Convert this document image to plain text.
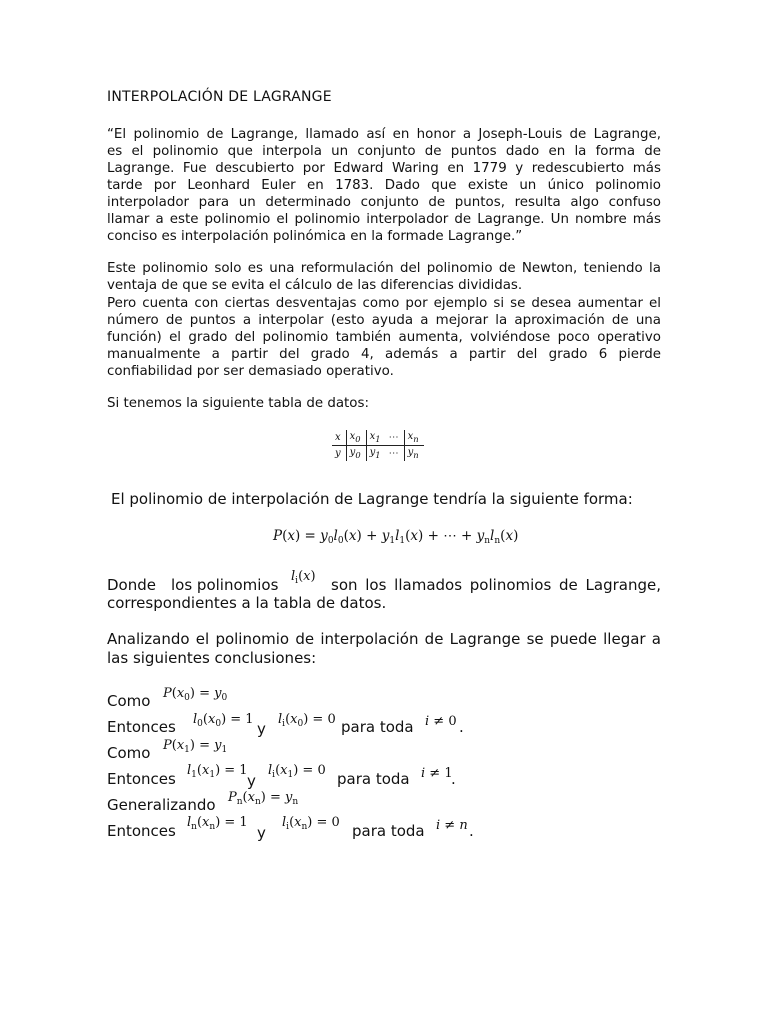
INTERPOLACIÓN DE LAGRANGE
“El polinomio de Lagrange, llamado así en honor a Joseph-Louis de Lagrange,
es el polinomio que interpola un conjunto de puntos dado en la forma de
Lagrange. Fue descubierto por Edward Waring en 1779 y redescubierto más
tarde por Leonhard Euler en 1783. Dado que existe un único polinomio
interpolador para un determinado conjunto de puntos, resulta algo confuso
llamar a este polinomio el polinomio interpolador de Lagrange. Un nombre más
conciso es interpolación polinómica en la formade Lagrange.”
Este polinomio solo es una reformulación del polinomio de Newton, teniendo la
ventaja de que se evita el cálculo de las diferencias divididas.
Pero cuenta con ciertas desventajas como por ejemplo si se desea aumentar el
número de puntos a interpolar (esto ayuda a mejorar la aproximación de una
función) el grado del polinomio también aumenta, volviéndose poco operativo
manualmente a partir del grado 4, además a partir del grado 6 pierde
confiabilidad por ser demasiado operativo.
Si tenemos la siguiente tabla de datos:
x	$x_0$	$x_1$	⋯	$x_n$
y	$y_0$	$y_1$	⋯	$y_n$
El polinomio de interpolación de Lagrange tendría la siguiente forma:
$P(x) = y_0l_0(x) + y_1l_1(x)$ + ⋯ + $y_nl_n(x)$
Donde los polinomios $l_i(x)$ son los llamados polinomios de Lagrange,
correspondientes a la tabla de datos.
Analizando el polinomio de interpolación de Lagrange se puede llegar a
las siguientes conclusiones:
Como $P(x_0) = y_0$
Entonces $l_0(x_0) = 1$
y
$l_i(x_0) = 0$ para toda i ≠ 0 .
Como $P(x_1) = y_1$
Entonces $l_1(x_1) = 1$
y
$l_i(x_1) = 0$ para toda i ≠ 1
.
Generalizando $P_n(x_n) = y_n$
Entonces $l_n(x_n) = 1$
y
$l_i(x_n) = 0$ para toda i ≠ n .
